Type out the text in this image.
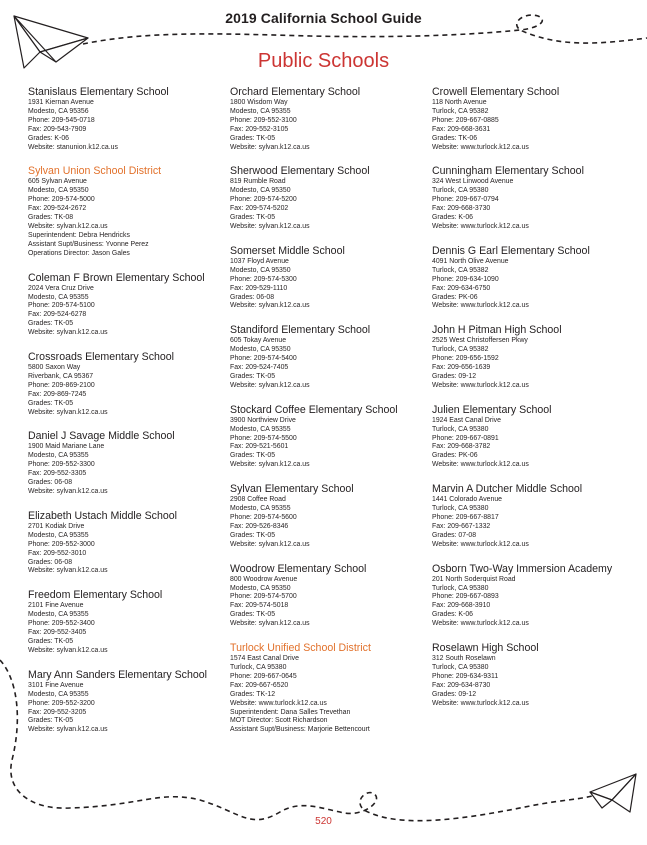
2019 California School Guide
Public Schools
Stanislaus Elementary School
1931 Kiernan Avenue
Modesto, CA 95356
Phone: 209-545-0718
Fax: 209-543-7909
Grades: K-06
Website: stanunion.k12.ca.us
Sylvan Union School District
605 Sylvan Avenue
Modesto, CA 95350
Phone: 209-574-5000
Fax: 209-524-2672
Grades: TK-08
Website: sylvan.k12.ca.us
Superintendent: Debra Hendricks
Assistant Supt/Business: Yvonne Perez
Operations Director: Jason Gales
Coleman F Brown Elementary School
2024 Vera Cruz Drive
Modesto, CA 95355
Phone: 209-574-5100
Fax: 209-524-6278
Grades: TK-05
Website: sylvan.k12.ca.us
Crossroads Elementary School
5800 Saxon Way
Riverbank, CA 95367
Phone: 209-869-2100
Fax: 209-869-7245
Grades: TK-05
Website: sylvan.k12.ca.us
Daniel J Savage Middle School
1900 Maid Mariane Lane
Modesto, CA 95355
Phone: 209-552-3300
Fax: 209-552-3305
Grades: 06-08
Website: sylvan.k12.ca.us
Elizabeth Ustach Middle School
2701 Kodiak Drive
Modesto, CA 95355
Phone: 209-552-3000
Fax: 209-552-3010
Grades: 06-08
Website: sylvan.k12.ca.us
Freedom Elementary School
2101 Fine Avenue
Modesto, CA 95355
Phone: 209-552-3400
Fax: 209-552-3405
Grades: TK-05
Website: sylvan.k12.ca.us
Mary Ann Sanders Elementary School
3101 Fine Avenue
Modesto, CA 95355
Phone: 209-552-3200
Fax: 209-552-3205
Grades: TK-05
Website: sylvan.k12.ca.us
Orchard Elementary School
1800 Wisdom Way
Modesto, CA 95355
Phone: 209-552-3100
Fax: 209-552-3105
Grades: TK-05
Website: sylvan.k12.ca.us
Sherwood Elementary School
819 Rumble Road
Modesto, CA 95350
Phone: 209-574-5200
Fax: 209-574-5202
Grades: TK-05
Website: sylvan.k12.ca.us
Somerset Middle School
1037 Floyd Avenue
Modesto, CA 95350
Phone: 209-574-5300
Fax: 209-529-1110
Grades: 06-08
Website: sylvan.k12.ca.us
Standiford Elementary School
605 Tokay Avenue
Modesto, CA 95350
Phone: 209-574-5400
Fax: 209-524-7405
Grades: TK-05
Website: sylvan.k12.ca.us
Stockard Coffee Elementary School
3900 Northview Drive
Modesto, CA 95355
Phone: 209-574-5500
Fax: 209-521-5601
Grades: TK-05
Website: sylvan.k12.ca.us
Sylvan Elementary School
2908 Coffee Road
Modesto, CA 95355
Phone: 209-574-5600
Fax: 209-526-8346
Grades: TK-05
Website: sylvan.k12.ca.us
Woodrow Elementary School
800 Woodrow Avenue
Modesto, CA 95350
Phone: 209-574-5700
Fax: 209-574-5018
Grades: TK-05
Website: sylvan.k12.ca.us
Turlock Unified School District
1574 East Canal Drive
Turlock, CA 95380
Phone: 209-667-0645
Fax: 209-667-6520
Grades: TK-12
Website: www.turlock.k12.ca.us
Superintendent: Dana Salles Trevethan
MOT Director: Scott Richardson
Assistant Supt/Business: Marjorie Bettencourt
Crowell Elementary School
118 North Avenue
Turlock, CA 95382
Phone: 209-667-0885
Fax: 209-668-3631
Grades: TK-06
Website: www.turlock.k12.ca.us
Cunningham Elementary School
324 West Linwood Avenue
Turlock, CA 95380
Phone: 209-667-0794
Fax: 209-668-3730
Grades: K-06
Website: www.turlock.k12.ca.us
Dennis G Earl Elementary School
4091 North Olive Avenue
Turlock, CA 95382
Phone: 209-634-1090
Fax: 209-634-6750
Grades: PK-06
Website: www.turlock.k12.ca.us
John H Pitman High School
2525 West Christoffersen Pkwy
Turlock, CA 95382
Phone: 209-656-1592
Fax: 209-656-1639
Grades: 09-12
Website: www.turlock.k12.ca.us
Julien Elementary School
1924 East Canal Drive
Turlock, CA 95380
Phone: 209-667-0891
Fax: 209-668-3782
Grades: PK-06
Website: www.turlock.k12.ca.us
Marvin A Dutcher Middle School
1441 Colorado Avenue
Turlock, CA 95380
Phone: 209-667-8817
Fax: 209-667-1332
Grades: 07-08
Website: www.turlock.k12.ca.us
Osborn Two-Way Immersion Academy
201 North Soderquist Road
Turlock, CA 95380
Phone: 209-667-0893
Fax: 209-668-3910
Grades: K-06
Website: www.turlock.k12.ca.us
Roselawn High School
312 South Roselawn
Turlock, CA 95380
Phone: 209-634-9311
Fax: 209-634-8730
Grades: 09-12
Website: www.turlock.k12.ca.us
520
